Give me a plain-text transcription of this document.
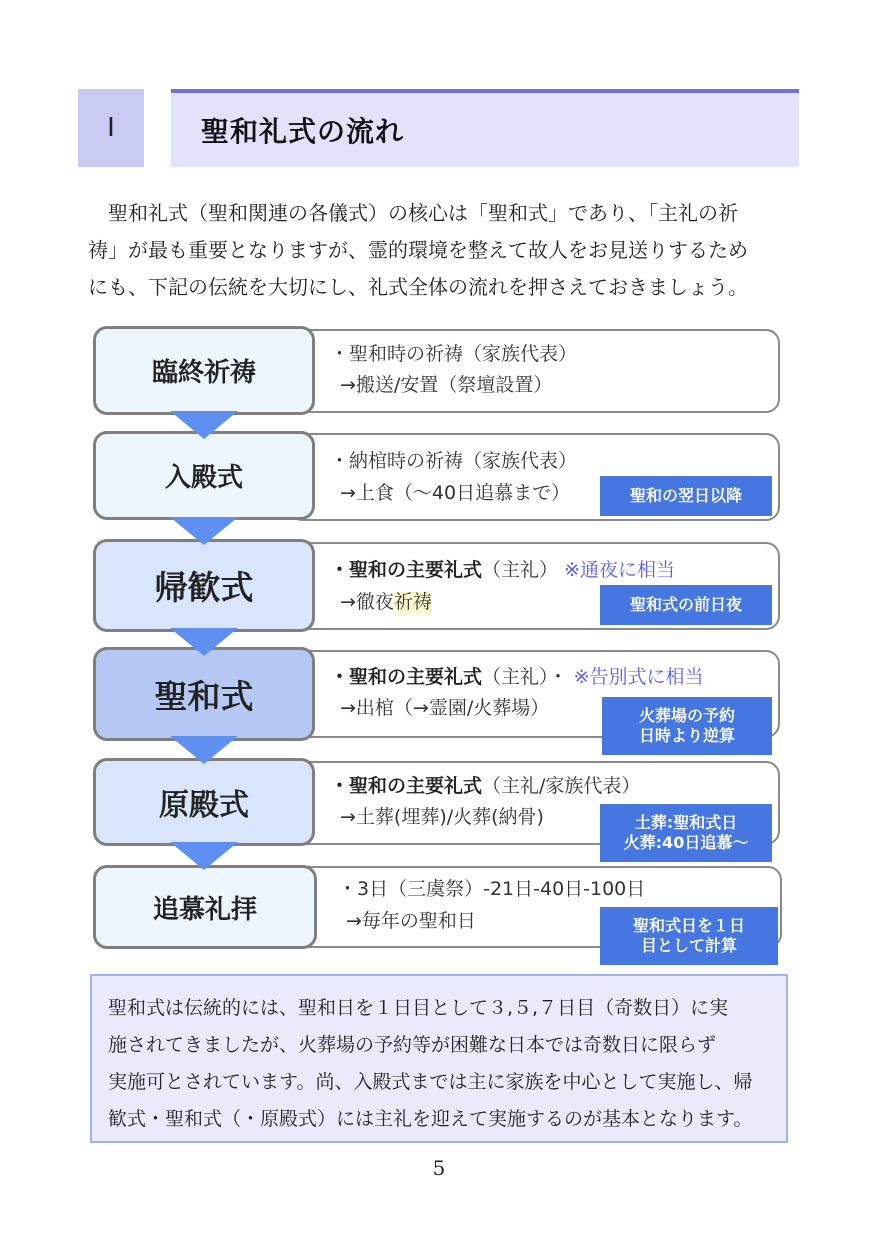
I	聖和礼式の流れ

　聖和礼式（聖和関連の各儀式）の核心は「聖和式」であり、「主礼の祈

祷」が最も重要となりますが、霊的環境を整えて故人をお見送りするため

にも、下記の伝統を大切にし、礼式全体の流れを押さえておきましょう。

臨終祈祷
・聖和時の祈祷（家族代表）
→搬送/安置（祭壇設置）
入殿式
・納棺時の祈祷（家族代表）
→上食（～40日追慕まで）	聖和の翌日以降
帰歓式	・聖和の主要礼式（主礼） ※通夜に相当
→徹夜祈祷	聖和式の前日夜
聖和式	・聖和の主要礼式（主礼）・ ※告別式に相当
→出棺（→霊園/火葬場）	火葬場の予約
日時より逆算
原殿式
・聖和の主要礼式（主礼/家族代表）
→土葬(埋葬)/火葬(納骨)	土葬:聖和式日
火葬:40日追慕～
追慕礼拝
・3日（三虞祭）-21日-40日-100日
→毎年の聖和日	聖和式日を１日
目として計算

聖和式は伝統的には、聖和日を１日目として３,５,７日目（奇数日）に実

施されてきましたが、火葬場の予約等が困難な日本では奇数日に限らず

実施可とされています。尚、入殿式までは主に家族を中心として実施し、帰

歓式・聖和式（・原殿式）には主礼を迎えて実施するのが基本となります。

5
